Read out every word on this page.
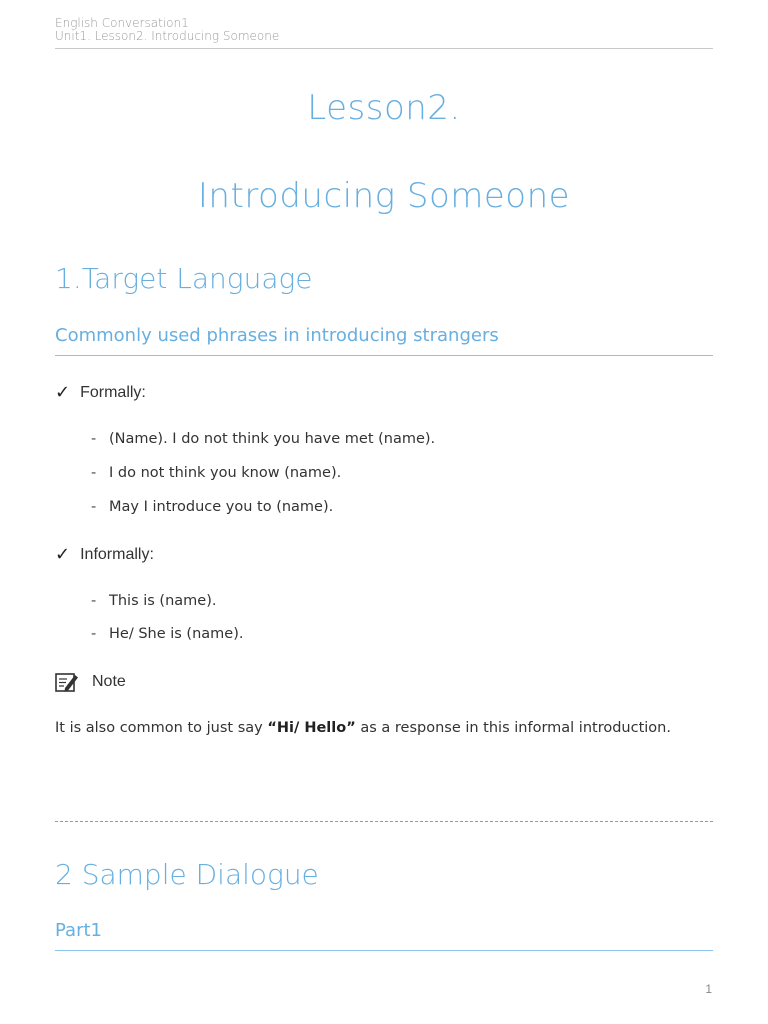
English Conversation1
Unit1. Lesson2. Introducing Someone
Lesson2.
Introducing Someone
1.Target Language
Commonly used phrases in introducing strangers
✓ Formally:
- (Name). I do not think you have met (name).
- I do not think you know (name).
- May I introduce you to (name).
✓ Informally:
- This is (name).
- He/ She is (name).
Note
It is also common to just say “Hi/ Hello” as a response in this informal introduction.
2 Sample Dialogue
Part1
1
